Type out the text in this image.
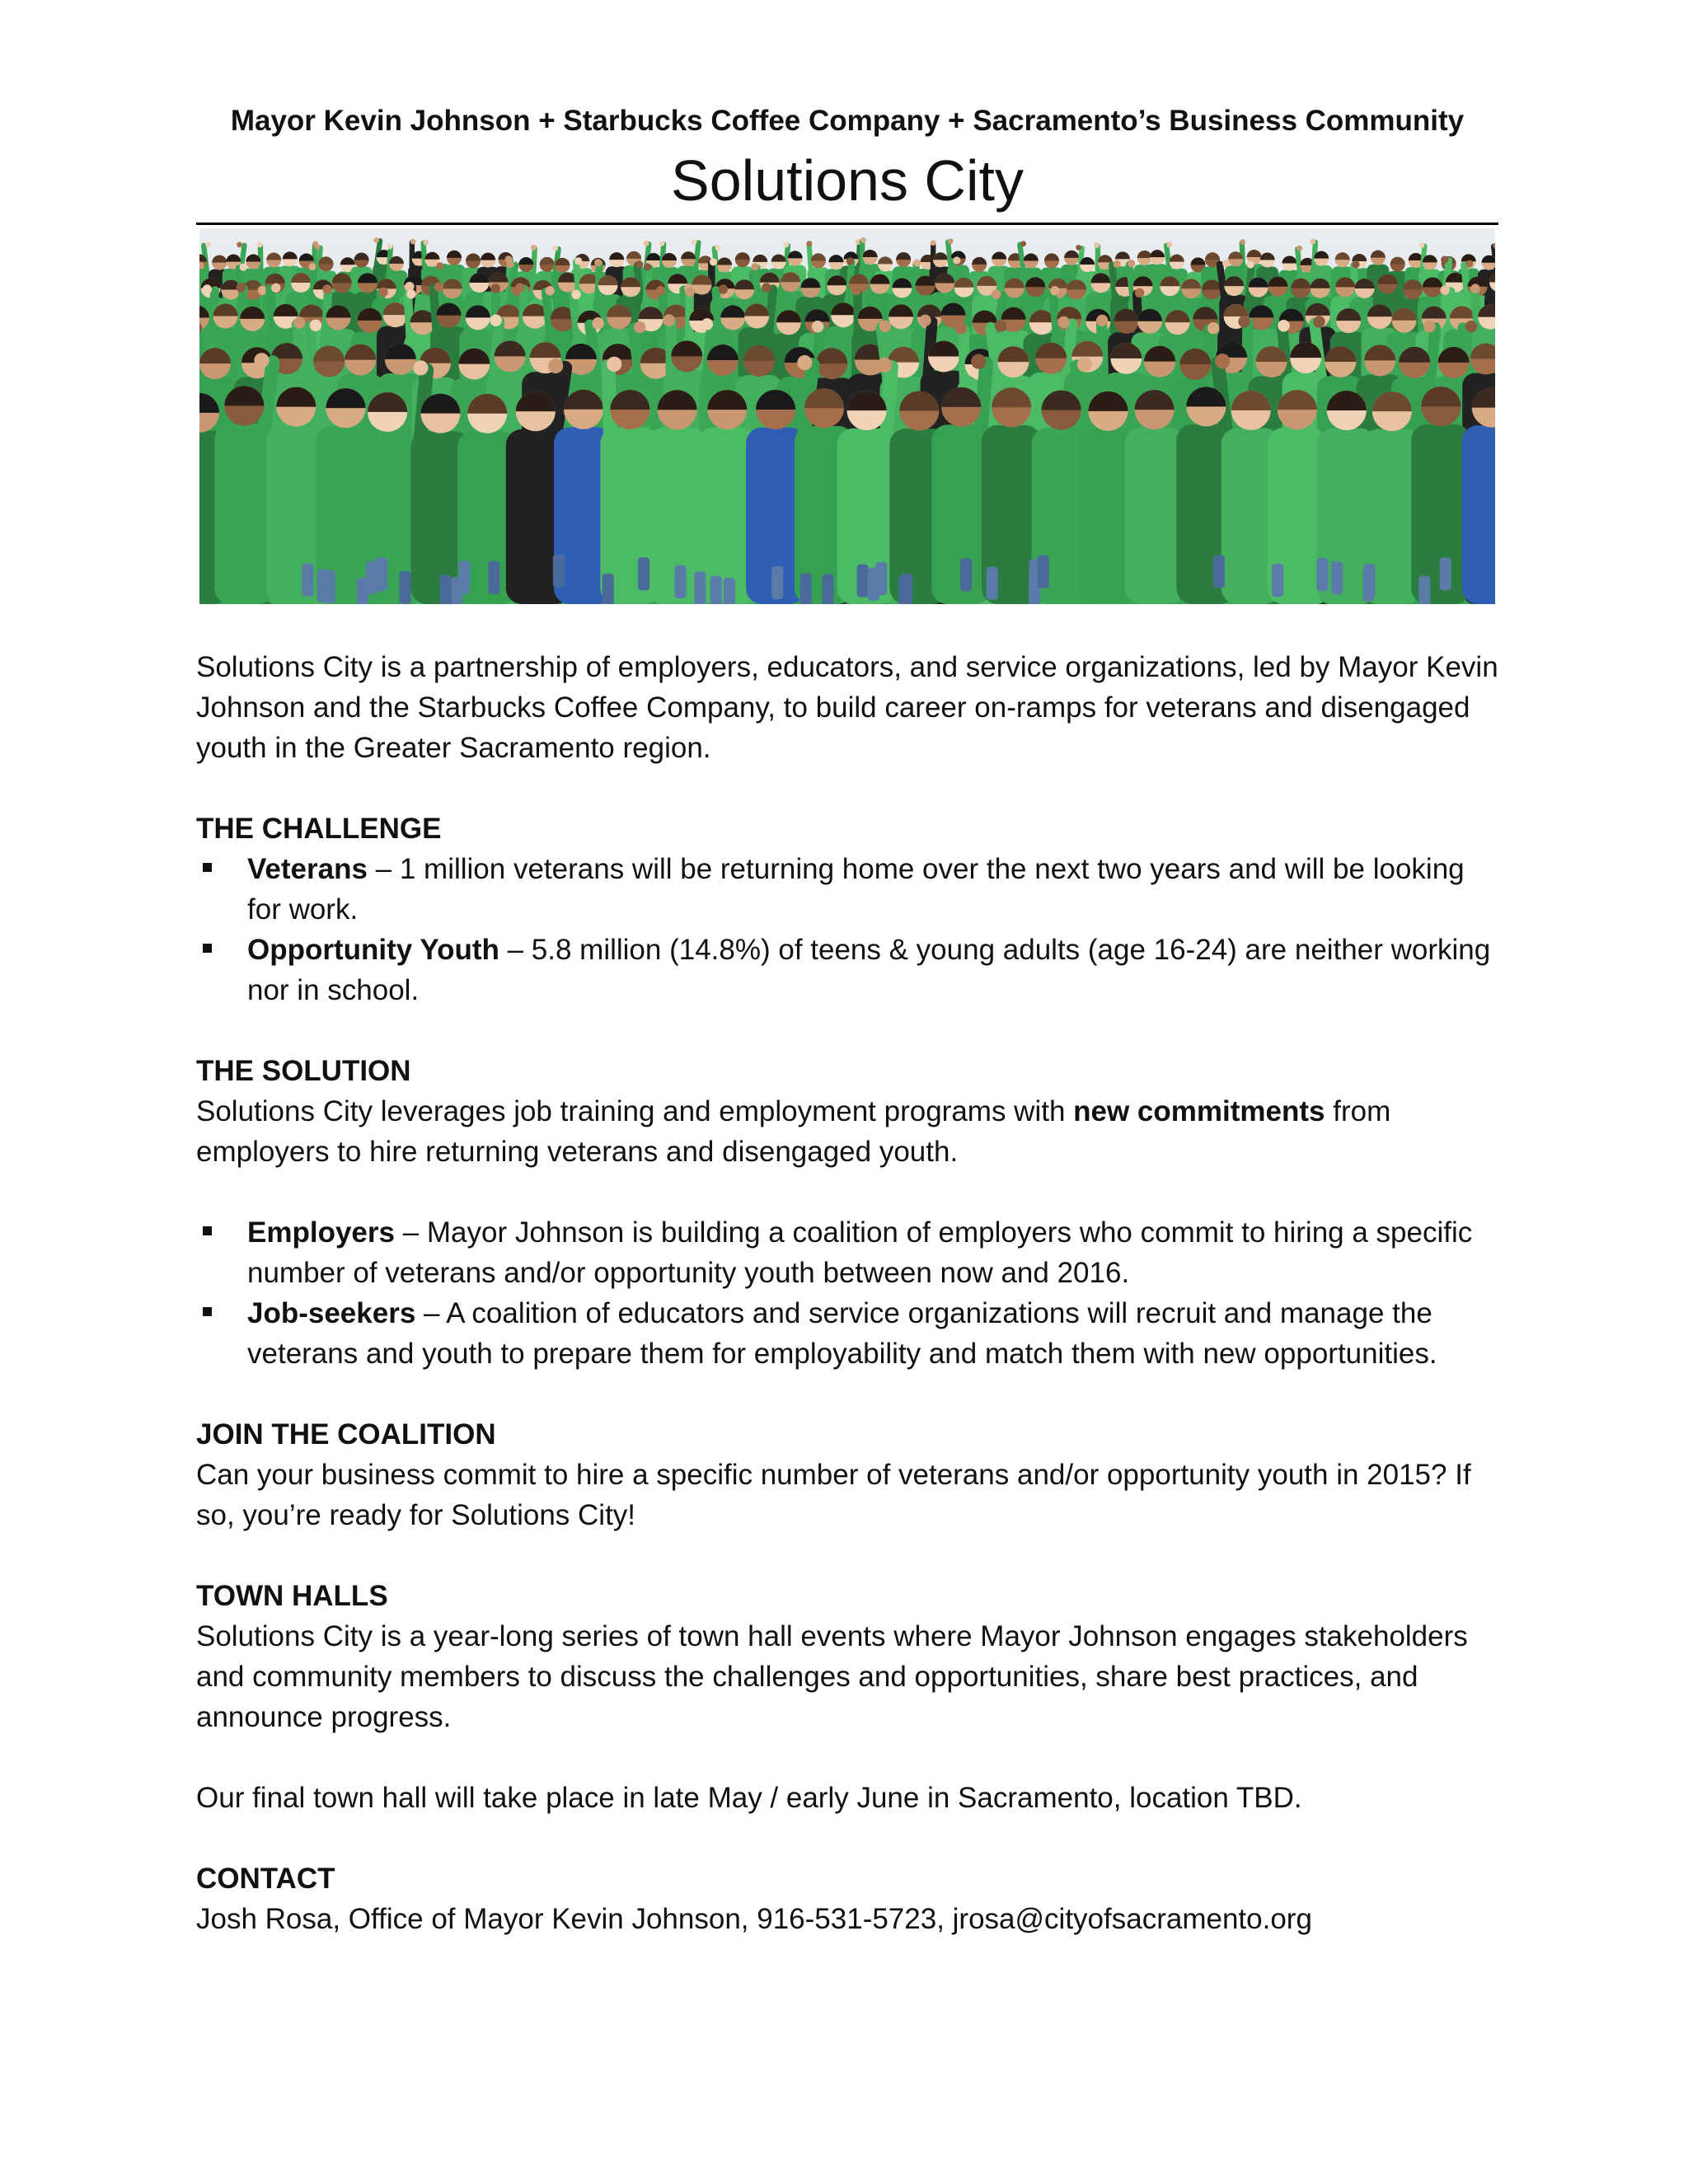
Mayor Kevin Johnson + Starbucks Coffee Company + Sacramento’s Business Community

Solutions City

Solutions City is a partnership of employers, educators, and service organizations, led by Mayor Kevin Johnson and the Starbucks Coffee Company, to build career on-ramps for veterans and disengaged youth in the Greater Sacramento region.

THE CHALLENGE

Veterans – 1 million veterans will be returning home over the next two years and will be looking for work.
Opportunity Youth – 5.8 million (14.8%) of teens & young adults (age 16-24) are neither working nor in school.

THE SOLUTION

Solutions City leverages job training and employment programs with new commitments from employers to hire returning veterans and disengaged youth.

Employers – Mayor Johnson is building a coalition of employers who commit to hiring a specific number of veterans and/or opportunity youth between now and 2016.
Job-seekers – A coalition of educators and service organizations will recruit and manage the veterans and youth to prepare them for employability and match them with new opportunities.

JOIN THE COALITION

Can your business commit to hire a specific number of veterans and/or opportunity youth in 2015? If so, you’re ready for Solutions City!

TOWN HALLS

Solutions City is a year-long series of town hall events where Mayor Johnson engages stakeholders and community members to discuss the challenges and opportunities, share best practices, and announce progress.

Our final town hall will take place in late May / early June in Sacramento, location TBD.

CONTACT

Josh Rosa, Office of Mayor Kevin Johnson, 916-531-5723, jrosa@cityofsacramento.org
